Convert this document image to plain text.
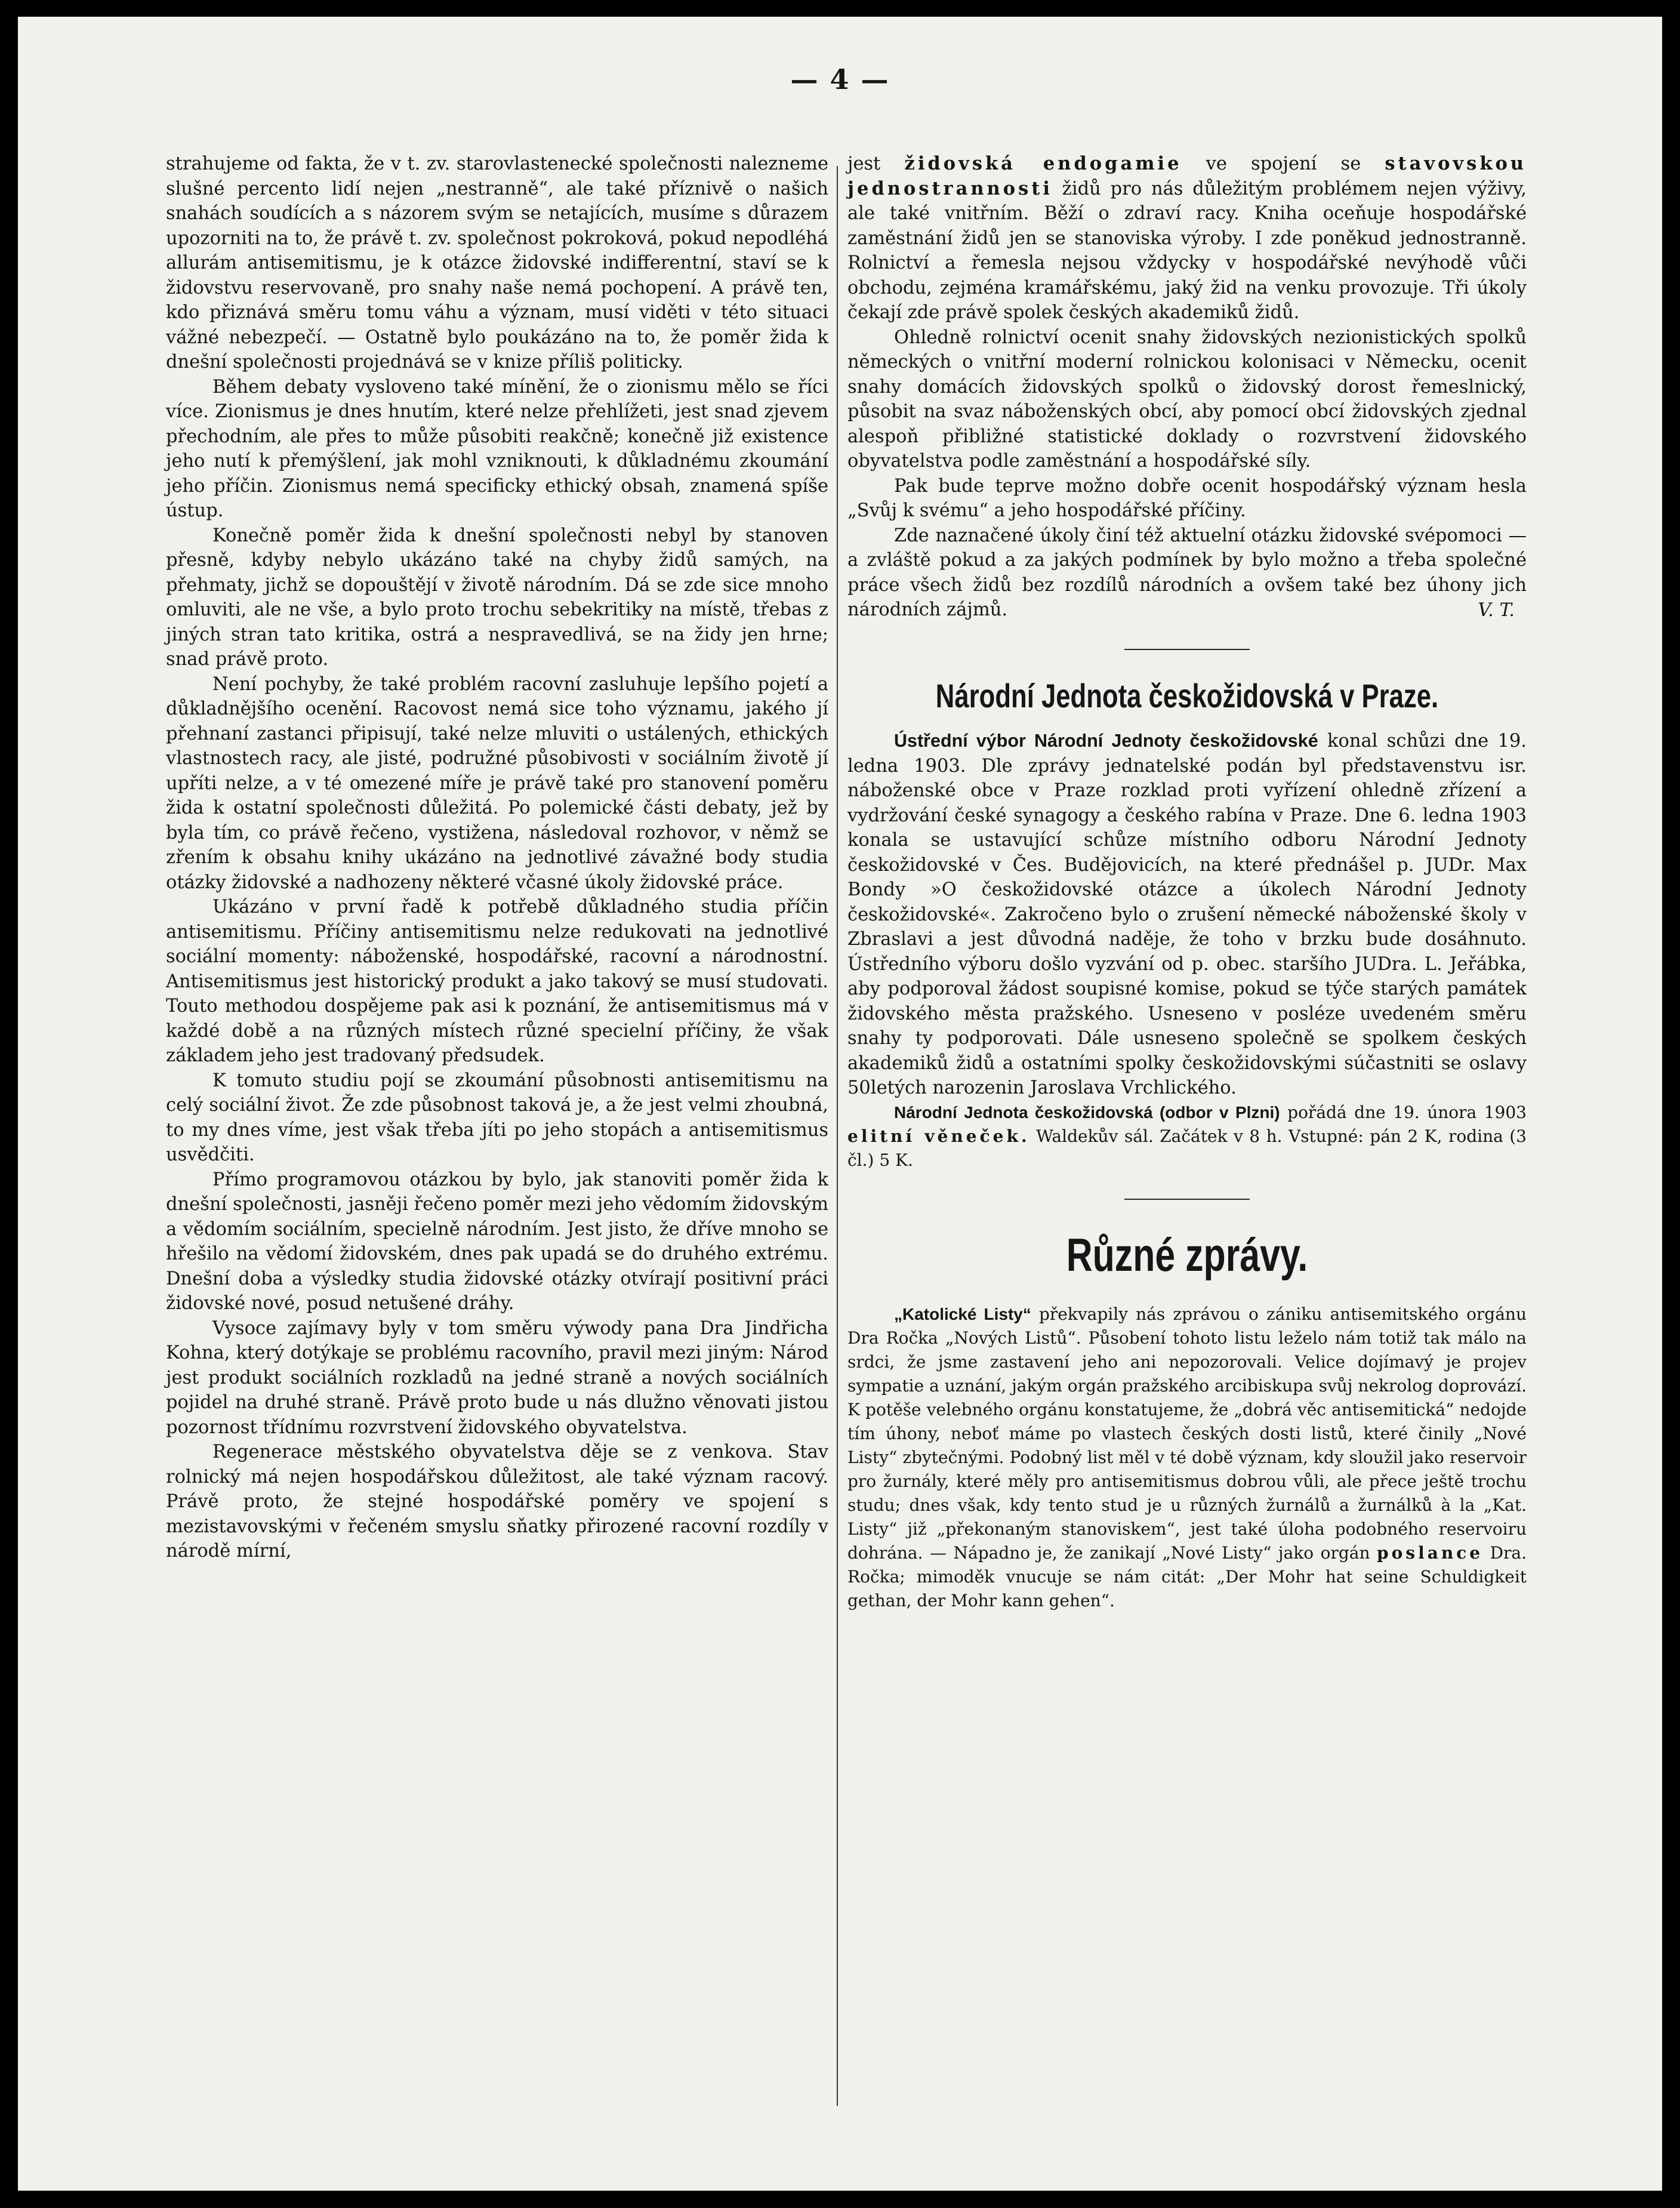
— 4 —

strahujeme od fakta, že v t. zv. starovlastenecké společnosti nalezneme slušné percento lidí nejen „nestranně“, ale také příznivě o našich snahách soudících a s názorem svým se netajících, musíme s důrazem upozorniti na to, že právě t. zv. společnost pokroková, pokud nepodléhá allurám antisemitismu, je k otázce židovské indifferentní, staví se k židovstvu reservovaně, pro snahy naše nemá pochopení. A právě ten, kdo přiznává směru tomu váhu a význam, musí viděti v této situaci vážné nebezpečí. — Ostatně bylo poukázáno na to, že poměr žida k dnešní společnosti projednává se v knize příliš politicky.

Během debaty vysloveno také mínění, že o zionismu mělo se říci více. Zionismus je dnes hnutím, které nelze přehlížeti, jest snad zjevem přechodním, ale přes to může působiti reakčně; konečně již existence jeho nutí k přemýšlení, jak mohl vzniknouti, k důkladnému zkoumání jeho příčin. Zionismus nemá specificky ethický obsah, znamená spíše ústup.

Konečně poměr žida k dnešní společnosti nebyl by stanoven přesně, kdyby nebylo ukázáno také na chyby židů samých, na přehmaty, jichž se dopouštějí v životě národním. Dá se zde sice mnoho omluviti, ale ne vše, a bylo proto trochu sebekritiky na místě, třebas z jiných stran tato kritika, ostrá a nespravedlivá, se na židy jen hrne; snad právě proto.

Není pochyby, že také problém racovní zasluhuje lepšího pojetí a důkladnějšího ocenění. Racovost nemá sice toho významu, jakého jí přehnaní zastanci připisují, také nelze mluviti o ustálených, ethických vlastnostech racy, ale jisté, podružné působivosti v sociálním životě jí upříti nelze, a v té omezené míře je právě také pro stanovení poměru žida k ostatní společnosti důležitá. Po polemické části debaty, jež by byla tím, co právě řečeno, vystižena, následoval rozhovor, v němž se zřením k obsahu knihy ukázáno na jednotlivé závažné body studia otázky židovské a nadhozeny některé včasné úkoly židovské práce.

Ukázáno v první řadě k potřebě důkladného studia příčin antisemitismu. Příčiny antisemitismu nelze redukovati na jednotlivé sociální momenty: náboženské, hospodářské, racovní a národnostní. Antisemitismus jest historický produkt a jako takový se musí studovati. Touto methodou dospějeme pak asi k poznání, že antisemitismus má v každé době a na různých místech různé specielní příčiny, že však základem jeho jest tradovaný předsudek.

K tomuto studiu pojí se zkoumání působnosti antisemitismu na celý sociální život. Že zde působnost taková je, a že jest velmi zhoubná, to my dnes víme, jest však třeba jíti po jeho stopách a antisemitismus usvědčiti.

Přímo programovou otázkou by bylo, jak stanoviti poměr žida k dnešní společnosti, jasněji řečeno poměr mezi jeho vědomím židovským a vědomím sociálním, specielně národním. Jest jisto, že dříve mnoho se hřešilo na vědomí židovském, dnes pak upadá se do druhého extrému. Dnešní doba a výsledky studia židovské otázky otvírají positivní práci židovské nové, posud netušené dráhy.

Vysoce zajímavy byly v tom směru výwody pana Dra Jindřicha Kohna, který dotýkaje se problému racovního, pravil mezi jiným: Národ jest produkt sociálních rozkladů na jedné straně a nových sociálních pojidel na druhé straně. Právě proto bude u nás dlužno věnovati jistou pozornost třídnímu rozvrstvení židovského obyvatelstva.

Regenerace městského obyvatelstva děje se z venkova. Stav rolnický má nejen hospodářskou důležitost, ale také význam racový. Právě proto, že stejné hospodářské poměry ve spojení s mezistavovskými v řečeném smyslu sňatky přirozené racovní rozdíly v národě mírní,

jest židovská endogamie ve spojení se stavovskou jednostrannosti židů pro nás důležitým problémem nejen výživy, ale také vnitřním. Běží o zdraví racy. Kniha oceňuje hospodářské zaměstnání židů jen se stanoviska výroby. I zde poněkud jednostranně. Rolnictví a řemesla nejsou vždycky v hospodářské nevýhodě vůči obchodu, zejména kramářskému, jaký žid na venku provozuje. Tři úkoly čekají zde právě spolek českých akademiků židů.

Ohledně rolnictví ocenit snahy židovských nezionistických spolků německých o vnitřní moderní rolnickou kolonisaci v Německu, ocenit snahy domácích židovských spolků o židovský dorost řemeslnický, působit na svaz náboženských obcí, aby pomocí obcí židovských zjednal alespoň přibližné statistické doklady o rozvrstvení židovského obyvatelstva podle zaměstnání a hospodářské síly.

Pak bude teprve možno dobře ocenit hospodářský význam hesla „Svůj k svému“ a jeho hospodářské příčiny.

Zde naznačené úkoly činí též aktuelní otázku židovské svépomoci — a zvláště pokud a za jakých podmínek by bylo možno a třeba společné práce všech židů bez rozdílů národních a ovšem také bez úhony jich národních zájmů.	V. T.

Národní Jednota českožidovská v Praze.

Ústřední výbor Národní Jednoty českožidovské konal schůzi dne 19. ledna 1903. Dle zprávy jednatelské podán byl představenstvu isr. náboženské obce v Praze rozklad proti vyřízení ohledně zřízení a vydržování české synagogy a českého rabína v Praze. Dne 6. ledna 1903 konala se ustavující schůze místního odboru Národní Jednoty českožidovské v Čes. Budějovicích, na které přednášel p. JUDr. Max Bondy »O českožidovské otázce a úkolech Národní Jednoty českožidovské«. Zakročeno bylo o zrušení německé náboženské školy v Zbraslavi a jest důvodná naděje, že toho v brzku bude dosáhnuto. Ústředního výboru došlo vyzvání od p. obec. staršího JUDra. L. Jeřábka, aby podporoval žádost soupisné komise, pokud se týče starých památek židovského města pražského. Usneseno v posléze uvedeném směru snahy ty podporovati. Dále usneseno společně se spolkem českých akademiků židů a ostatními spolky českožidovskými súčastniti se oslavy 50letých narozenin Jaroslava Vrchlického.

Národní Jednota českožidovská (odbor v Plzni) pořádá dne 19. února 1903 elitní věneček. Waldekův sál. Začátek v 8 h. Vstupné: pán 2 K, rodina (3 čl.) 5 K.

Různé zprávy.

„Katolické Listy“ překvapily nás zprávou o zániku antisemitského orgánu Dra Ročka „Nových Listů“. Působení tohoto listu leželo nám totiž tak málo na srdci, že jsme zastavení jeho ani nepozorovali. Velice dojímavý je projev sympatie a uznání, jakým orgán pražského arcibiskupa svůj nekrolog doprovází. K potěše velebného orgánu konstatujeme, že „dobrá věc antisemitická“ nedojde tím úhony, neboť máme po vlastech českých dosti listů, které činily „Nové Listy“ zbytečnými. Podobný list měl v té době význam, kdy sloužil jako reservoir pro žurnály, které měly pro antisemitismus dobrou vůli, ale přece ještě trochu studu; dnes však, kdy tento stud je u různých žurnálů a žurnálků à la „Kat. Listy“ již „překonaným stanoviskem“, jest také úloha podobného reservoiru dohrána. — Nápadno je, že zanikají „Nové Listy“ jako orgán poslance Dra. Ročka; mimoděk vnucuje se nám citát: „Der Mohr hat seine Schuldigkeit gethan, der Mohr kann gehen“.
